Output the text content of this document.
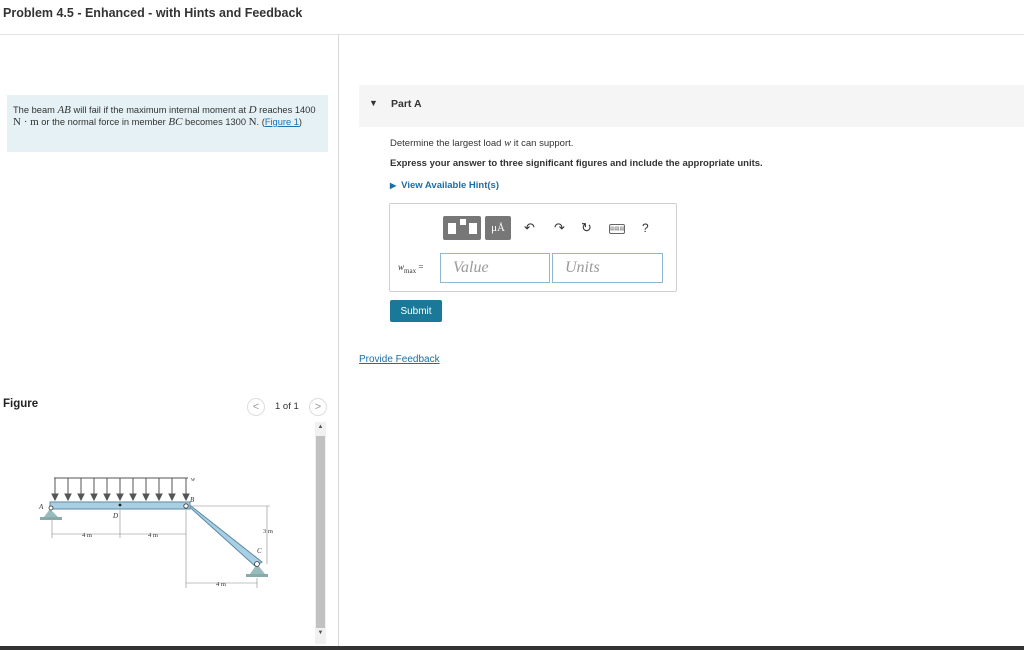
Problem 4.5 - Enhanced - with Hints and Feedback
The beam AB will fail if the maximum internal moment at D reaches 1400 N · m or the normal force in member BC becomes 1300 N. (Figure 1)
Figure	<	1 of 1	>
▲
▼
A
B
C
D
w
4 m	4 m
4 m
3 m
▼ Part A
Determine the largest load w it can support.
Express your answer to three significant figures and include the appropriate units.
▶ View Available Hint(s)
μÅ	↶ ↷ ↻	▤▤▤ ?
$w_{max}$ =
Value
Units
Submit
Provide Feedback
